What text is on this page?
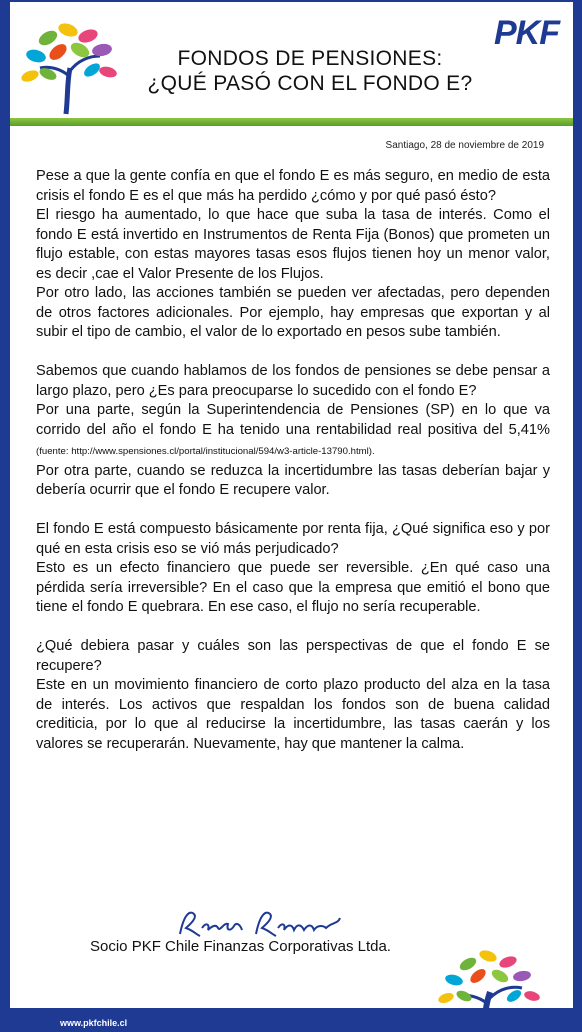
PKF
FONDOS DE PENSIONES:
¿QUÉ PASÓ CON EL FONDO E?
Santiago, 28 de noviembre de 2019

Pese a que la gente confía en que el fondo E es más seguro, en medio de esta crisis el fondo E es el que más ha perdido ¿cómo y por qué pasó ésto?

El riesgo ha aumentado, lo que hace que suba la tasa de interés. Como el fondo E está invertido en Instrumentos de Renta Fija (Bonos) que prometen un flujo estable, con estas mayores tasas esos flujos tienen hoy un menor valor, es decir ,cae el Valor Presente de los Flujos.

Por otro lado, las acciones también se pueden ver afectadas, pero dependen de otros factores adicionales. Por ejemplo, hay empresas que exportan y al subir el tipo de cambio, el valor de lo exportado en pesos sube también.

Sabemos que cuando hablamos de los fondos de pensiones se debe pensar a largo plazo, pero ¿Es para preocuparse lo sucedido con el fondo E?

Por una parte, según la Superintendencia de Pensiones (SP) en lo que va corrido del año el fondo E ha tenido una rentabilidad real positiva del 5,41% (fuente: http://www.spensiones.cl/portal/institucional/594/w3-article-13790.html).

Por otra parte, cuando se reduzca la incertidumbre las tasas deberían bajar y debería ocurrir que el fondo E recupere valor.

El fondo E está compuesto básicamente por renta fija, ¿Qué significa eso y por qué en esta crisis eso se vió más perjudicado?

Esto es un efecto financiero que puede ser reversible. ¿En qué caso una pérdida sería irreversible? En el caso que la empresa que emitió el bono que tiene el fondo E quebrara. En ese caso, el flujo no sería recuperable.

¿Qué debiera pasar y cuáles son las perspectivas de que el fondo E se recupere?

Este en un movimiento financiero de corto plazo producto del alza en la tasa de interés. Los activos que respaldan los fondos son de buena calidad crediticia, por lo que al reducirse la incertidumbre, las tasas caerán y los valores se recuperarán. Nuevamente, hay que mantener la calma.

Socio PKF Chile Finanzas Corporativas Ltda.
www.pkfchile.cl
